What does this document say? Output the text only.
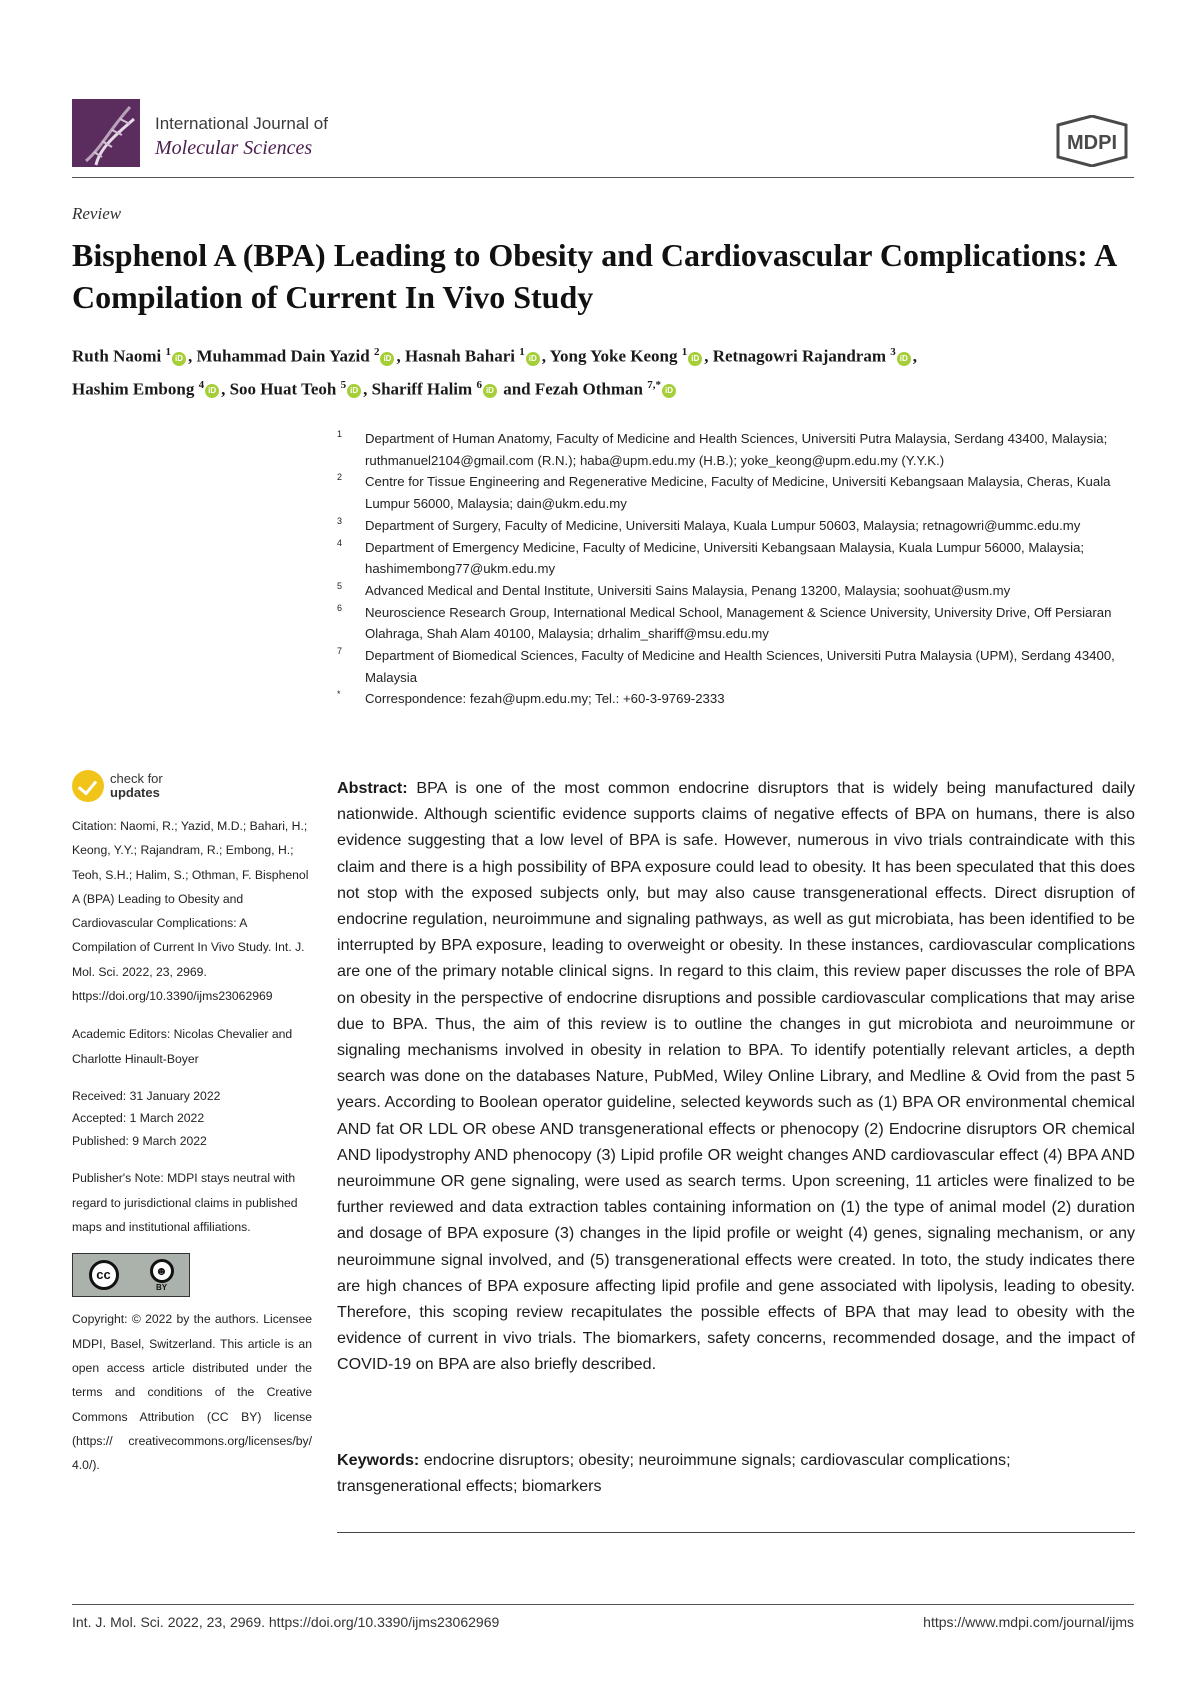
International Journal of
Molecular Sciences	MDPI
Review
Bisphenol A (BPA) Leading to Obesity and Cardiovascular Complications: A Compilation of Current In Vivo Study
Ruth Naomi $^1$iD , Muhammad Dain Yazid $^2$iD , Hasnah Bahari $^1$iD , Yong Yoke Keong $^1$iD , Retnagowri Rajandram $^3$iD ,
Hashim Embong $^4$iD , Soo Huat Teoh $^5$iD , Shariff Halim $^6$iD and Fezah Othman $^{7,*}$iD
1 Department of Human Anatomy, Faculty of Medicine and Health Sciences, Universiti Putra Malaysia, Serdang 43400, Malaysia; ruthmanuel2104@gmail.com (R.N.); haba@upm.edu.my (H.B.); yoke_keong@upm.edu.my (Y.Y.K.)
2 Centre for Tissue Engineering and Regenerative Medicine, Faculty of Medicine, Universiti Kebangsaan Malaysia, Cheras, Kuala Lumpur 56000, Malaysia; dain@ukm.edu.my
3 Department of Surgery, Faculty of Medicine, Universiti Malaya, Kuala Lumpur 50603, Malaysia; retnagowri@ummc.edu.my
4 Department of Emergency Medicine, Faculty of Medicine, Universiti Kebangsaan Malaysia, Kuala Lumpur 56000, Malaysia; hashimembong77@ukm.edu.my
5 Advanced Medical and Dental Institute, Universiti Sains Malaysia, Penang 13200, Malaysia; soohuat@usm.my
6 Neuroscience Research Group, International Medical School, Management & Science University, University Drive, Off Persiaran Olahraga, Shah Alam 40100, Malaysia; drhalim_shariff@msu.edu.my
7 Department of Biomedical Sciences, Faculty of Medicine and Health Sciences, Universiti Putra Malaysia (UPM), Serdang 43400, Malaysia
* Correspondence: fezah@upm.edu.my; Tel.: +60-3-9769-2333
check for
updates
Citation: Naomi, R.; Yazid, M.D.; Bahari, H.; Keong, Y.Y.; Rajandram, R.; Embong, H.; Teoh, S.H.; Halim, S.; Othman, F. Bisphenol A (BPA) Leading to Obesity and Cardiovascular Complications: A Compilation of Current In Vivo Study. Int. J. Mol. Sci. 2022, 23, 2969. https://doi.org/10.3390/ijms23062969
Academic Editors: Nicolas Chevalier and Charlotte Hinault-Boyer
Received: 31 January 2022
Accepted: 1 March 2022
Published: 9 March 2022
Publisher's Note: MDPI stays neutral with regard to jurisdictional claims in published maps and institutional affiliations.
cc	☻
BY
Copyright: © 2022 by the authors. Licensee MDPI, Basel, Switzerland. This article is an open access article distributed under the terms and conditions of the Creative Commons Attribution (CC BY) license (https:// creativecommons.org/licenses/by/ 4.0/).
Abstract: BPA is one of the most common endocrine disruptors that is widely being manufactured daily nationwide. Although scientific evidence supports claims of negative effects of BPA on humans, there is also evidence suggesting that a low level of BPA is safe. However, numerous in vivo trials contraindicate with this claim and there is a high possibility of BPA exposure could lead to obesity. It has been speculated that this does not stop with the exposed subjects only, but may also cause transgenerational effects. Direct disruption of endocrine regulation, neuroimmune and signaling pathways, as well as gut microbiata, has been identified to be interrupted by BPA exposure, leading to overweight or obesity. In these instances, cardiovascular complications are one of the primary notable clinical signs. In regard to this claim, this review paper discusses the role of BPA on obesity in the perspective of endocrine disruptions and possible cardiovascular complications that may arise due to BPA. Thus, the aim of this review is to outline the changes in gut microbiota and neuroimmune or signaling mechanisms involved in obesity in relation to BPA. To identify potentially relevant articles, a depth search was done on the databases Nature, PubMed, Wiley Online Library, and Medline & Ovid from the past 5 years. According to Boolean operator guideline, selected keywords such as (1) BPA OR environmental chemical AND fat OR LDL OR obese AND transgenerational effects or phenocopy (2) Endocrine disruptors OR chemical AND lipodystrophy AND phenocopy (3) Lipid profile OR weight changes AND cardiovascular effect (4) BPA AND neuroimmune OR gene signaling, were used as search terms. Upon screening, 11 articles were finalized to be further reviewed and data extraction tables containing information on (1) the type of animal model (2) duration and dosage of BPA exposure (3) changes in the lipid profile or weight (4) genes, signaling mechanism, or any neuroimmune signal involved, and (5) transgenerational effects were created. In toto, the study indicates there are high chances of BPA exposure affecting lipid profile and gene associated with lipolysis, leading to obesity. Therefore, this scoping review recapitulates the possible effects of BPA that may lead to obesity with the evidence of current in vivo trials. The biomarkers, safety concerns, recommended dosage, and the impact of COVID-19 on BPA are also briefly described.
Keywords: endocrine disruptors; obesity; neuroimmune signals; cardiovascular complications; transgenerational effects; biomarkers
Int. J. Mol. Sci. 2022, 23, 2969. https://doi.org/10.3390/ijms23062969	https://www.mdpi.com/journal/ijms
